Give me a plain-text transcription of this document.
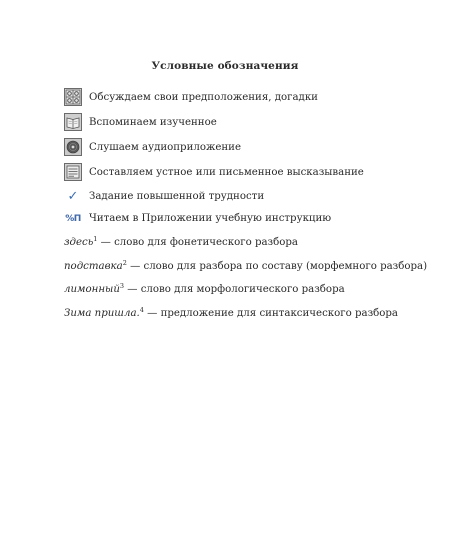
Условные обозначения
Обсуждаем свои предположения, догадки
Вспоминаем изученное
Слушаем аудиоприложение
Составляем устное или письменное высказывание
✓	Задание повышенной трудности
%П Читаем в Приложении учебную инструкцию
здесь$^1$ — слово для фонетического разбора
подставка$^2$ — слово для разбора по составу (морфемного разбора)
лимонный$^3$ — слово для морфологического разбора
Зима пришла.$^4$ — предложение для синтаксического разбора
